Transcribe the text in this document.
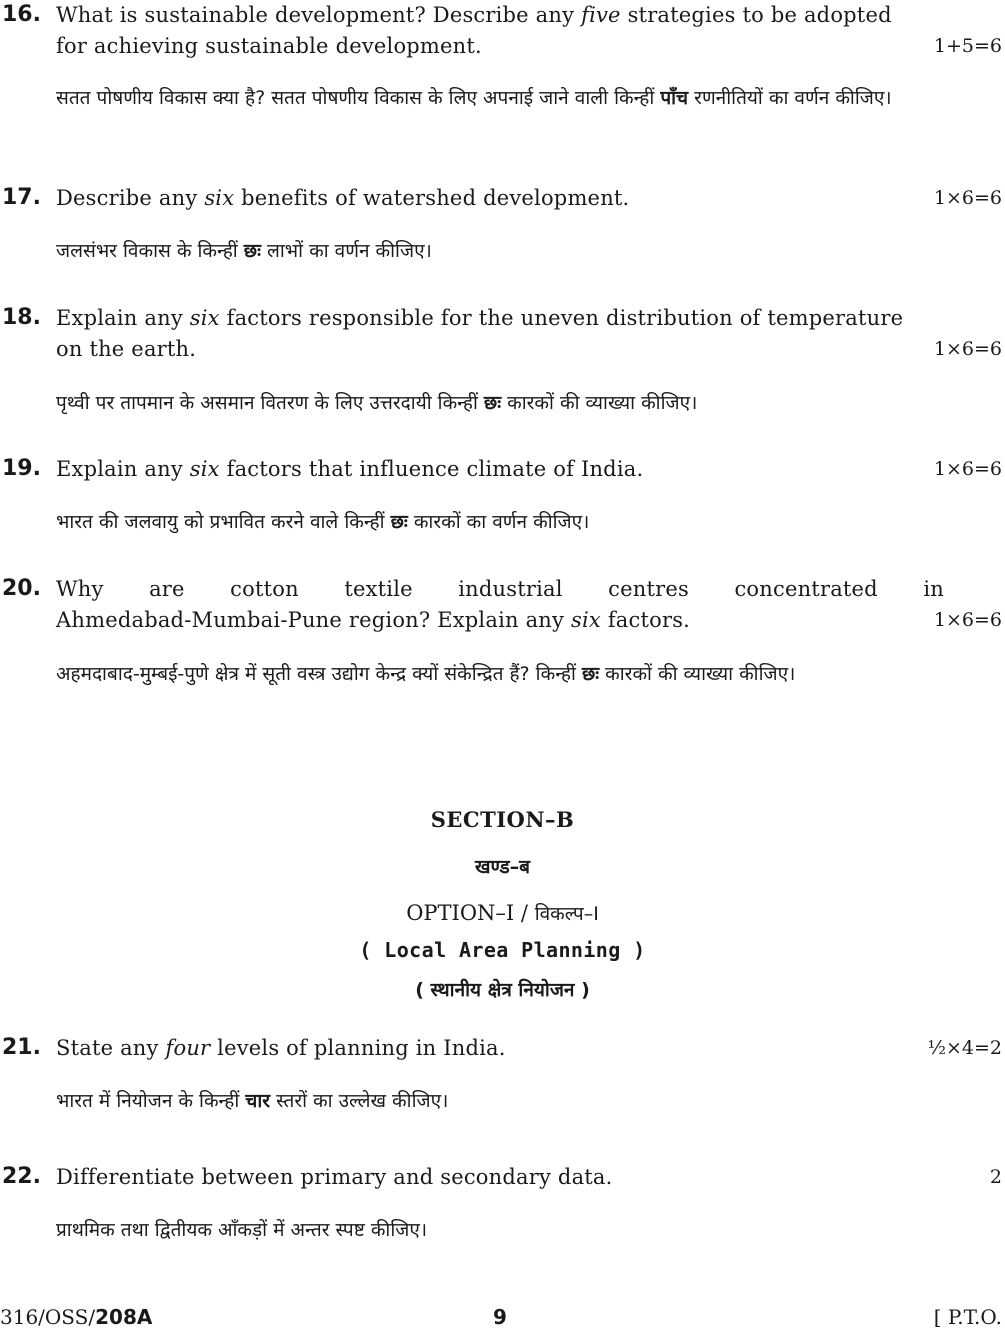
16. What is sustainable development? Describe any five strategies to be adopted
for achieving sustainable development.	1+5=6
सतत पोषणीय विकास क्या है? सतत पोषणीय विकास के लिए अपनाई जाने वाली किन्हीं पाँच रणनीतियों का वर्णन कीजिए।
17. Describe any six benefits of watershed development.	1×6=6
जलसंभर विकास के किन्हीं छः लाभों का वर्णन कीजिए।
18. Explain any six factors responsible for the uneven distribution of temperature
on the earth.	1×6=6
पृथ्वी पर तापमान के असमान वितरण के लिए उत्तरदायी किन्हीं छः कारकों की व्याख्या कीजिए।
19. Explain any six factors that influence climate of India.	1×6=6
भारत की जलवायु को प्रभावित करने वाले किन्हीं छः कारकों का वर्णन कीजिए।
20. Why are cotton textile industrial centres concentrated in
Ahmedabad-Mumbai-Pune region? Explain any six factors.	1×6=6
अहमदाबाद-मुम्बई-पुणे क्षेत्र में सूती वस्त्र उद्योग केन्द्र क्यों संकेन्द्रित हैं? किन्हीं छः कारकों की व्याख्या कीजिए।
SECTION–B
खण्ड–ब
OPTION–I / विकल्प–I
( Local Area Planning )
( स्थानीय क्षेत्र नियोजन )
21. State any four levels of planning in India.	½×4=2
भारत में नियोजन के किन्हीं चार स्तरों का उल्लेख कीजिए।
22. Differentiate between primary and secondary data.	2
प्राथमिक तथा द्वितीयक आँकड़ों में अन्तर स्पष्ट कीजिए।
316/OSS/208A	9	[ P.T.O.
